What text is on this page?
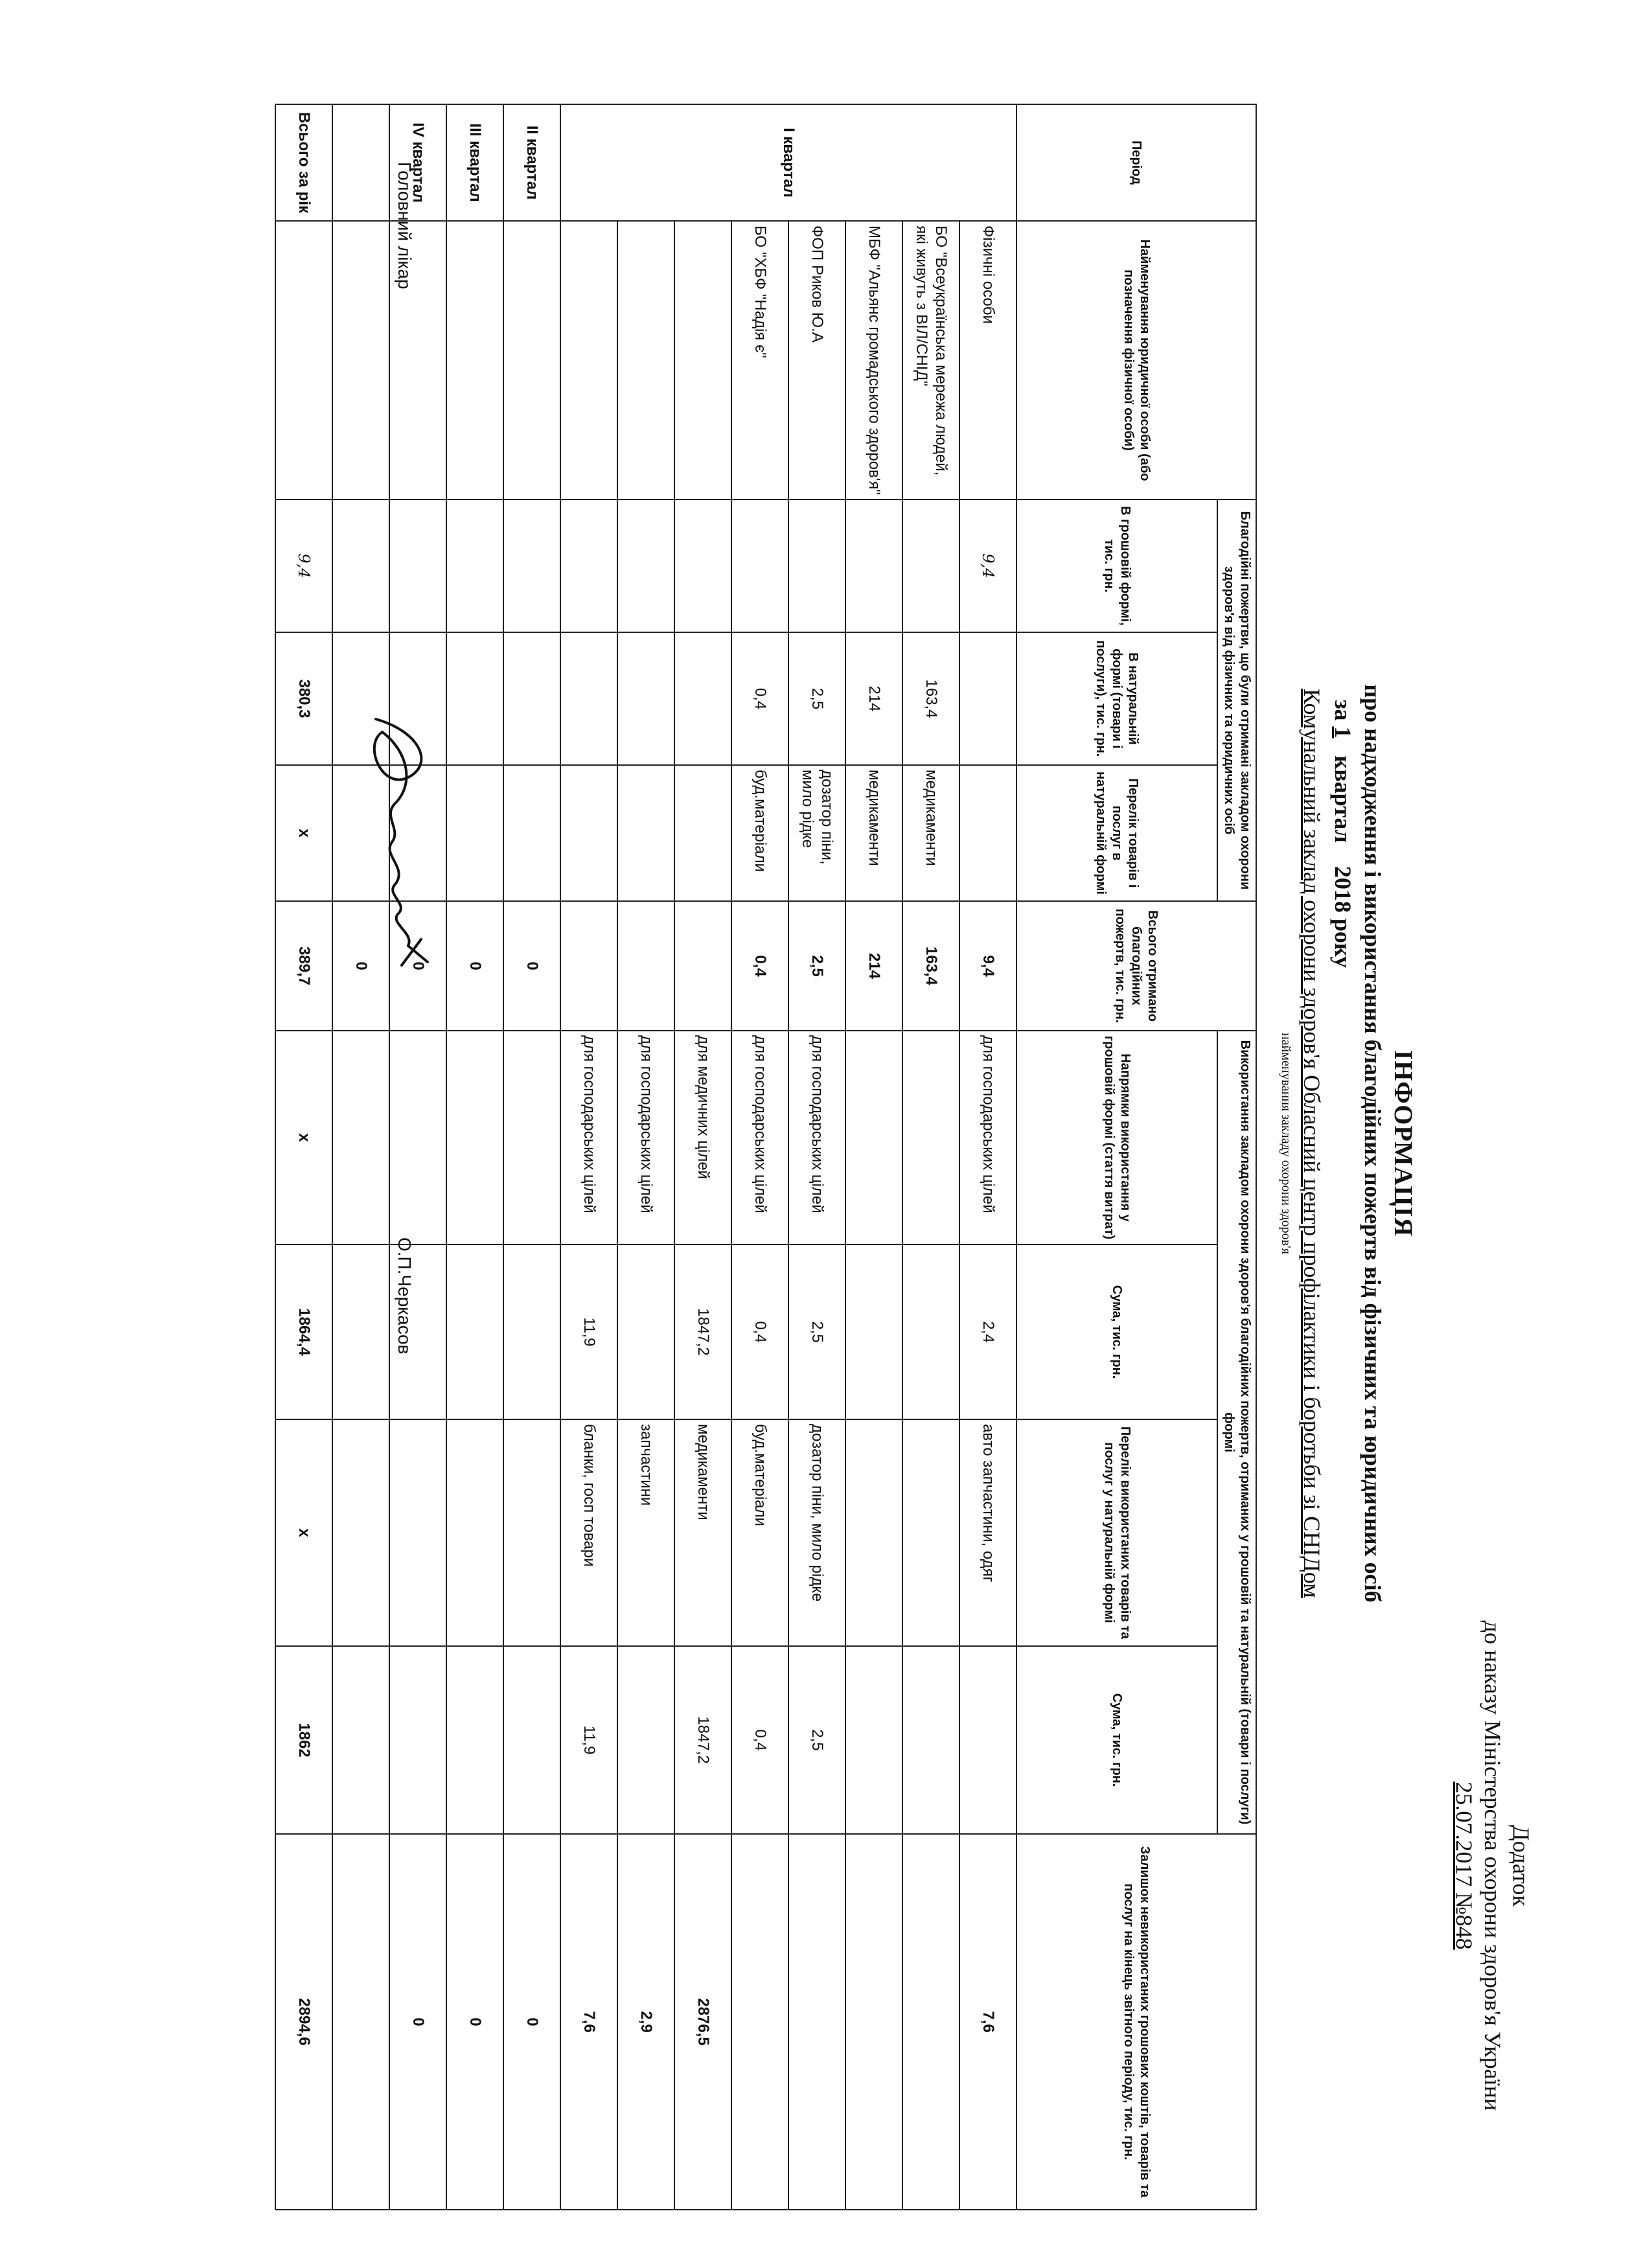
Додаток
до наказу Міністерства охорони здоров'я України
25.07.2017 №848
ІНФОРМАЦІЯ
про надходження і використання благодійних пожертв від фізичних та юридичних осіб
за 1   квартал    2018 року
Комунальний заклад охорони здоров'я Обласний центр профілактики і боротьби зі СНІДом
найменування закладу охорони здоров'я
Період	Найменування юридичної особи (або позначення фізичної особи)	Благодійні пожертви, що були отримані закладом охорони здоров'я від фізичних та юридичних осіб			Всього отримано благодійних пожертв, тис. грн.	Використання закладом охорони здоров'я благодійних пожертв, отриманих у грошовій та натуральній (товари і послуги) формі				Залишок невикористаних грошових коштів, товарів та послуг на кінець звітного періоду, тис. грн.
		В грошовій формі, тис. грн.	В натуральній формі (товари і послуги), тис. грн.	Перелік товарів і послуг в натуральній формі		Напрямки використання у грошовій формі (стаття витрат)	Сума, тис. грн.	Перелік використаних товарів та послуг у натуральній формі	Сума, тис. грн.	
I квартал	Фізичні особи	9,4			9,4	для господарських цілей	2,4	авто запчастини, одяг		7,6
	БО "Всеукраїнська мережа людей, які живуть з ВІЛ/СНІД"		163,4	медикаменти	163,4					
	МБФ "Альянс громадського здоров'я"		214	медикаменти	214					
	ФОП Риков Ю.А		2,5	дозатор піни, мило рідке	2,5	для господарських цілей	2,5	дозатор піни, мило рідке	2,5	
	БО "ХБФ "Надія є"		0,4	буд.матеріали	0,4	для господарських цілей	0,4	буд.матеріали	0,4	
						для медичних цілей	1847,2	медикаменти	1847,2	2876,5
						для господарських цілей		запчастини		2,9
						для господарських цілей	11,9	бланки, госп товари	11,9	7,6
II квартал					0					0
III квартал					0					0
IV квартал					0					0
					0					
Всього за рік		9,4	380,3	x	389,7	x	1864,4	x	1862	2894,6
Головний лікар
О.П.Черкасов
